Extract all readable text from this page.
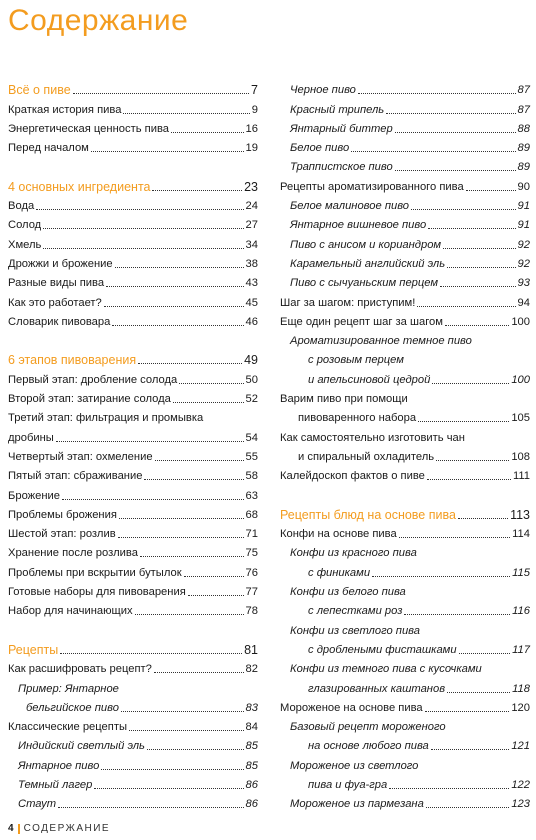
Содержание
Всё о пиве	7
Краткая история пива	9
Энергетическая ценность пива	16
Перед началом	19
4 основных ингредиента	23
Вода	24
Солод	27
Хмель	34
Дрожжи и брожение	38
Разные виды пива	43
Как это работает?	45
Словарик пивовара	46
6 этапов пивоварения	49
Первый этап: дробление солода	50
Второй этап: затирание солода	52
Третий этап: фильтрация и промывка
дробины	54
Четвертый этап: охмеление	55
Пятый этап: сбраживание	58
Брожение	63
Проблемы брожения	68
Шестой этап: розлив	71
Хранение после розлива	75
Проблемы при вскрытии бутылок	76
Готовые наборы для пивоварения	77
Набор для начинающих	78
Рецепты	81
Как расшифровать рецепт?	82
Пример: Янтарное
бельгийское пиво	83
Классические рецепты	84
Индийский светлый эль	85
Янтарное пиво	85
Темный лагер	86
Стаут	86
Черное пиво	87
Красный трипель	87
Янтарный биттер	88
Белое пиво	89
Траппистское пиво	89
Рецепты ароматизированного пива	90
Белое малиновое пиво	91
Янтарное вишневое пиво	91
Пиво с анисом и кориандром	92
Карамельный английский эль	92
Пиво с сычуаньским перцем	93
Шаг за шагом: приступим!	94
Еще один рецепт шаг за шагом	100
Ароматизированное темное пиво
с розовым перцем
и апельсиновой цедрой	100
Варим пиво при помощи
пивоваренного набора	105
Как самостоятельно изготовить чан
и спиральный охладитель	108
Калейдоскоп фактов о пиве	111
Рецепты блюд на основе пива	113
Конфи на основе пива	114
Конфи из красного пива
с финиками	115
Конфи из белого пива
с лепестками роз	116
Конфи из светлого пива
с дроблеными фисташками	117
Конфи из темного пива с кусочками
глазированных каштанов	118
Мороженое на основе пива	120
Базовый рецепт мороженого
на основе любого пива	121
Мороженое из светлого
пива и фуа-гра	122
Мороженое из пармезана	123
4 СОДЕРЖАНИЕ
